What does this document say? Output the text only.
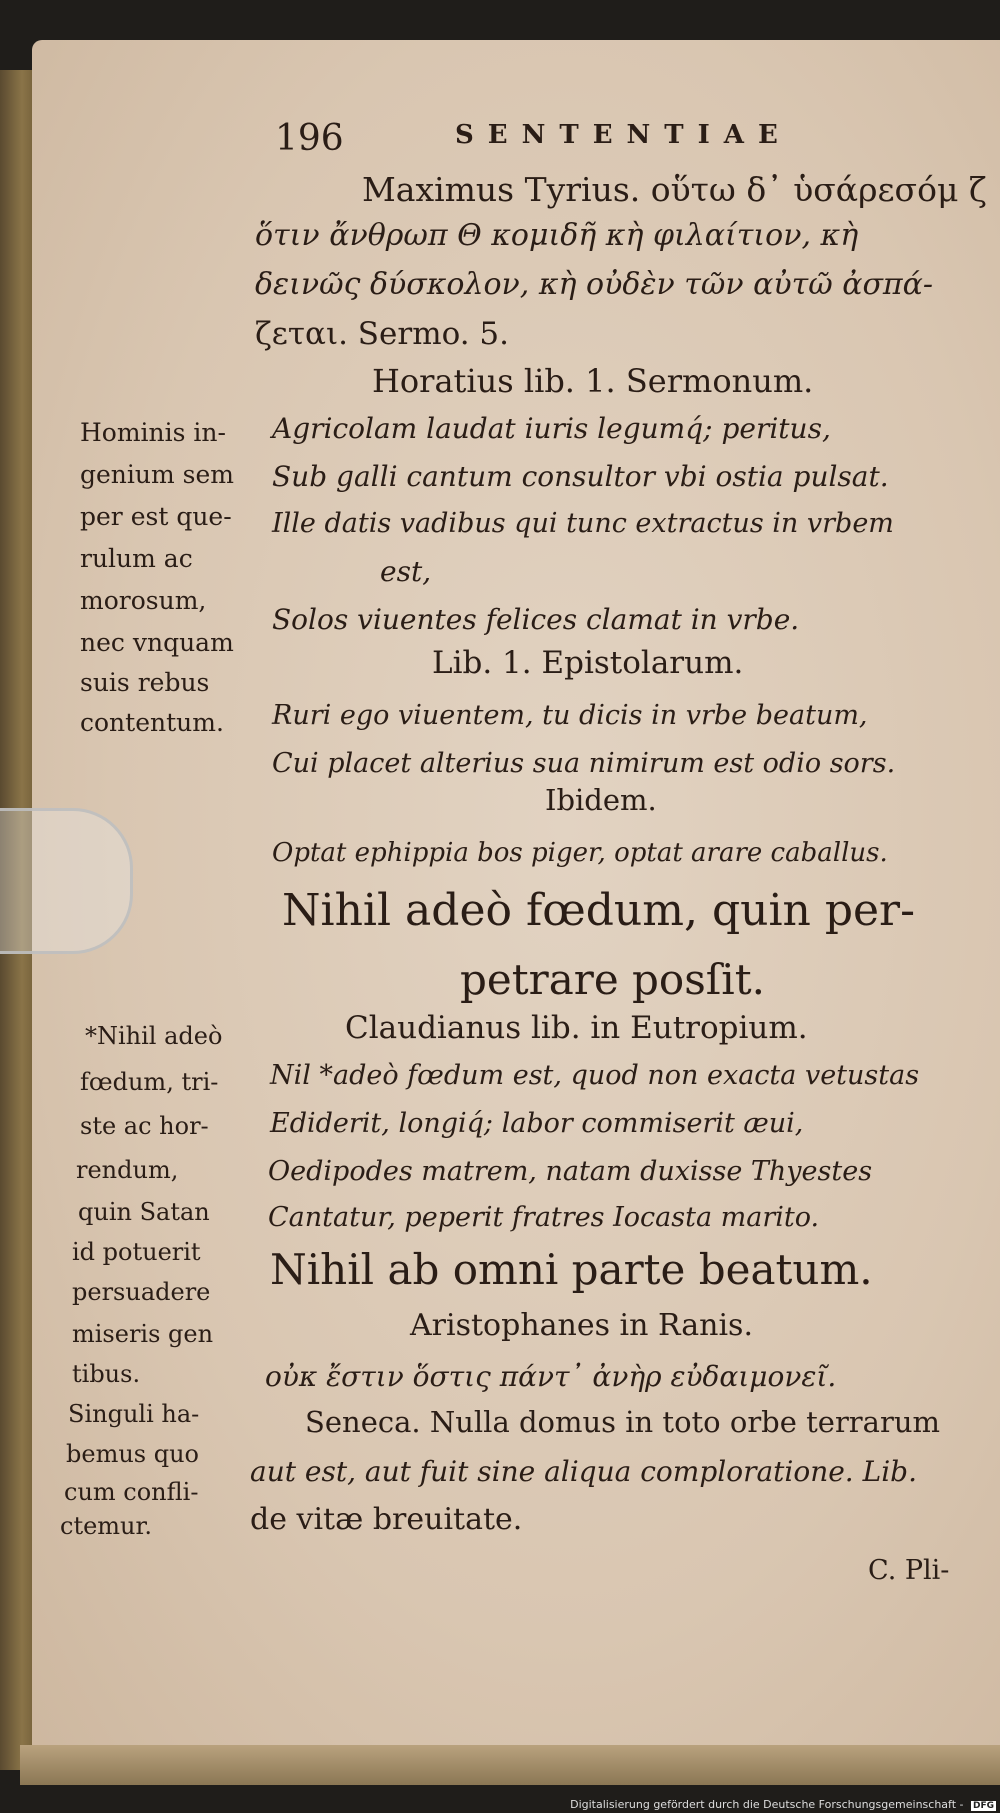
196	SENTENTIAE
Maximus Tyrius. οὕτω δ᾽ ὑσάρεσόμ ζ
ὅτιν ἄνθρωπ Θ κομιδῆ κὴ φιλαίτιον, κὴ
δεινῶς δύσκολον, κὴ οὐδὲν τῶν αὐτῶ ἀσπά-
ζεται. Sermo. 5.
Horatius lib. 1. Sermonum.
Agricolam laudat iuris legumq́; peritus,
Sub galli cantum consultor vbi ostia pulsat.
Ille datis vadibus qui tunc extractus in vrbem
est,
Solos viuentes felices clamat in vrbe.
Lib. 1. Epistolarum.
Ruri ego viuentem, tu dicis in vrbe beatum,
Cui placet alterius sua nimirum est odio sors.
Ibidem.
Optat ephippia bos piger, optat arare caballus.
Nihil adeò fœdum, quin per-
petrare posſit.
Claudianus lib. in Eutropium.
Nil *adeò fœdum est, quod non exacta vetustas
Ediderit, longiq́; labor commiserit æui,
Oedipodes matrem, natam duxisse Thyestes
Cantatur, peperit fratres Iocasta marito.
Nihil ab omni parte beatum.
Aristophanes in Ranis.
οὐκ ἔστιν ὅστις πάντ᾽ ἀνὴρ εὐδαιμονεῖ.
Seneca. Nulla domus in toto orbe terrarum
aut est, aut fuit sine aliqua comploratione. Lib.
de vitæ breuitate.
Hominis in-
genium sem
per est que-
rulum ac
morosum,
nec vnquam
suis rebus
contentum.
*Nihil adeò
fœdum, tri-
ste ac hor-
rendum,
quin Satan
id potuerit
persuadere
miseris gen
tibus.
Singuli ha-
bemus quo
cum confli-
ctemur.
C. Pli-
Digitalisierung gefördert durch die Deutsche Forschungsgemeinschaft - DFG
